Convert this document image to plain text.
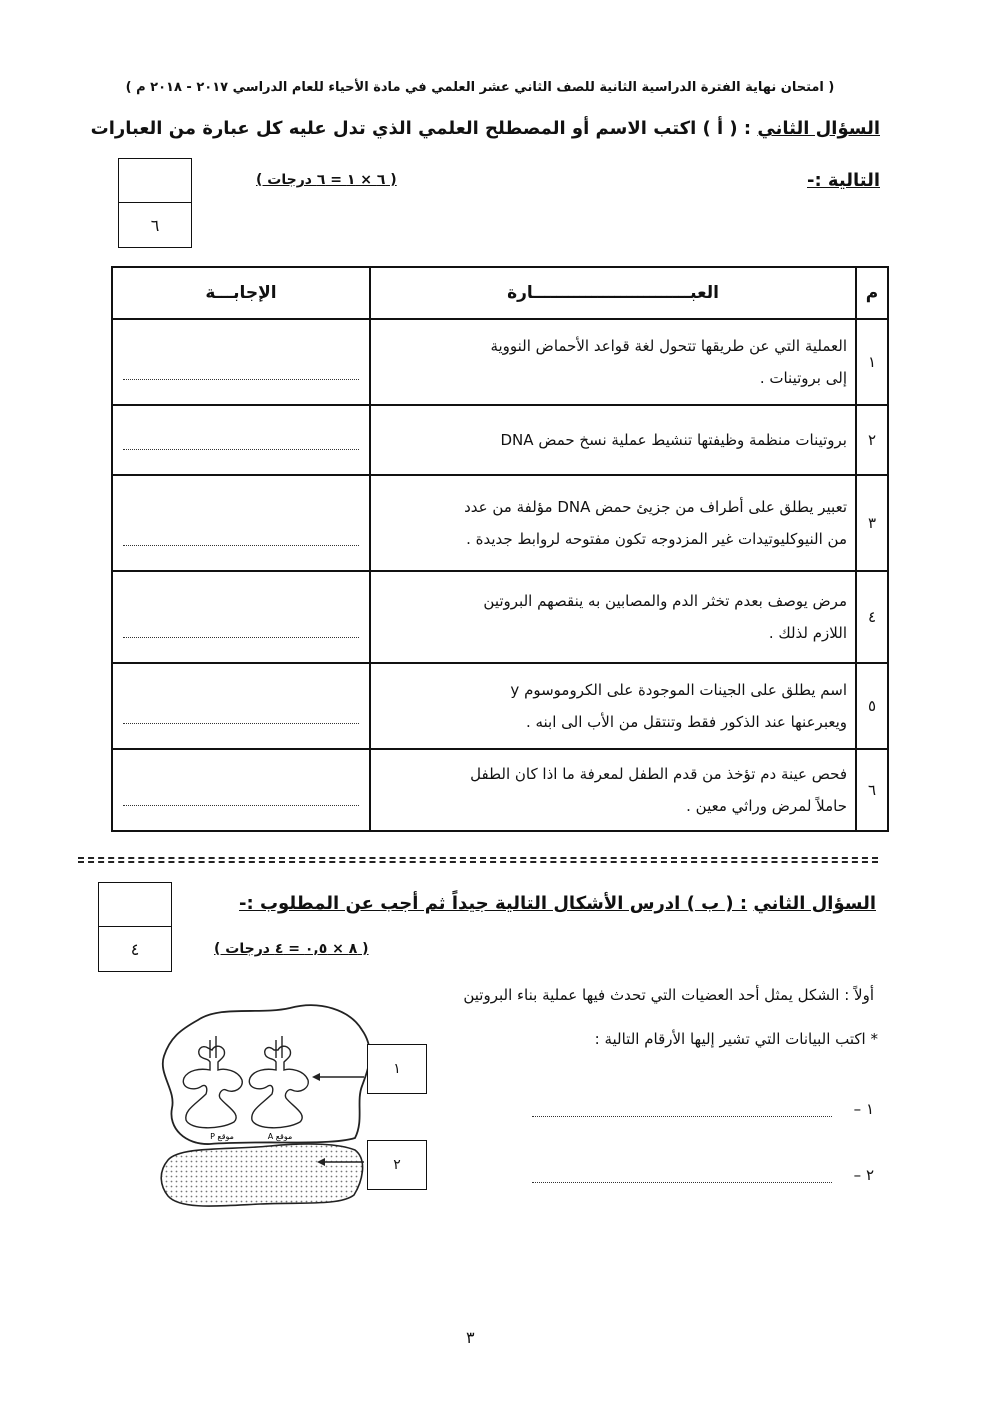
( امتحان نهاية الفترة الدراسية الثانية للصف الثاني عشر العلمي في مادة الأحياء للعام الدراسي ٢٠١٧ - ٢٠١٨ م )
السؤال الثاني : ( أ ) اكتب الاسم أو المصطلح العلمي الذي تدل عليه كل عبارة من العبارات
التالية :-
( ٦ × ١ = ٦ درجات )
٦
م	العبـــــــــــــــــــــــــــارة	الإجابـــة
١	العملية التي عن طريقها تتحول لغة قواعد الأحماض النووية
إلى بروتينات .	

٢	بروتينات منظمة وظيفتها تنشيط عملية نسخ حمض DNA	

٣	تعبير يطلق على أطراف من جزيئ حمض DNA مؤلفة من عدد
من النيوكليوتيدات غير المزدوجه تكون مفتوحه لروابط جديدة .	

٤	مرض يوصف بعدم تخثر الدم والمصابين به ينقصهم البروتين
اللازم لذلك .	

٥	اسم يطلق على الجينات الموجودة على الكروموسوم y
ويعبرعنها عند الذكور فقط وتنتقل من الأب الى ابنه .	

٦	فحص عينة دم تؤخذ من قدم الطفل لمعرفة ما اذا كان الطفل
حاملاً لمرض وراثي معين .	

السؤال الثاني : ( ب ) ادرس الأشكال التالية جيداً ثم أجب عن المطلوب :-
( ٨ × ٠,٥ = ٤ درجات )
٤
أولاً : الشكل يمثل أحد العضيات التي تحدث فيها عملية بناء البروتين
* اكتب البيانات التي تشير إليها الأرقام التالية :
١ –
٢ –
موقع P	موقع A
١
٢
٣
